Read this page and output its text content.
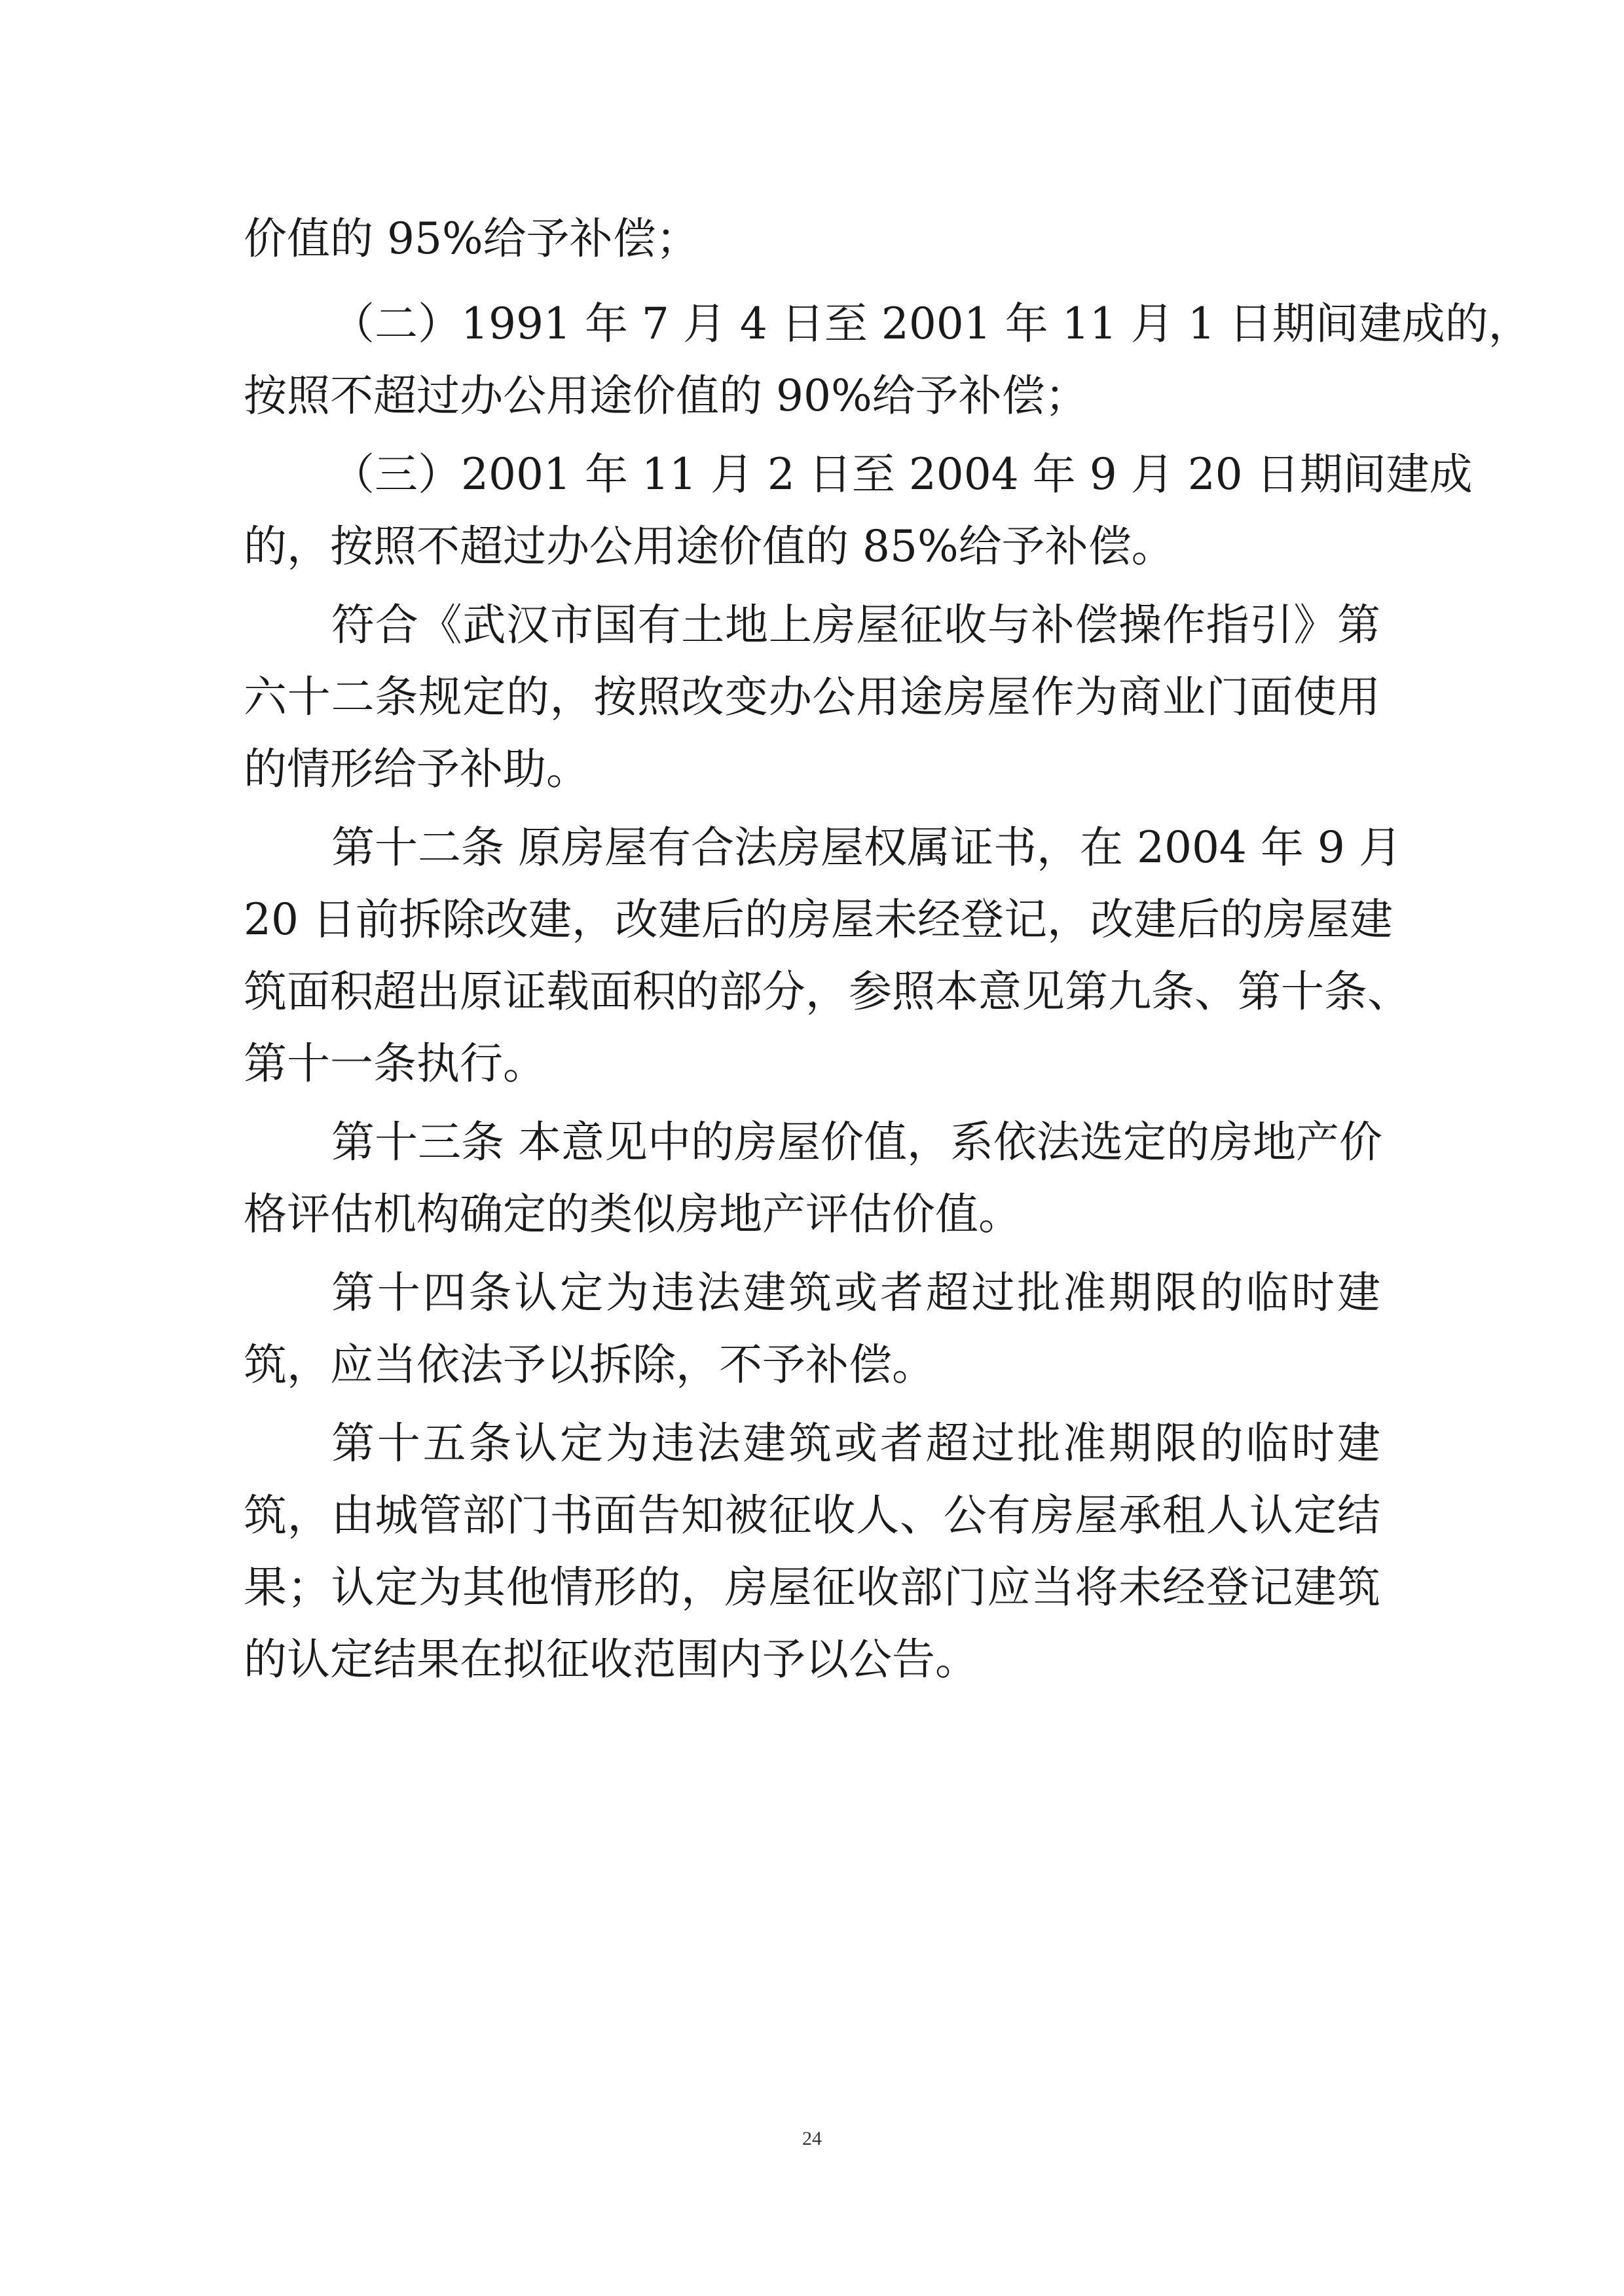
价值的 95%给予补偿；
（二）1991 年 7 月 4 日至 2001 年 11 月 1 日期间建成的，
按照不超过办公用途价值的 90%给予补偿；
（三）2001 年 11 月 2 日至 2004 年 9 月 20 日期间建成
的，按照不超过办公用途价值的 85%给予补偿。
符合《武汉市国有土地上房屋征收与补偿操作指引》第
六十二条规定的，按照改变办公用途房屋作为商业门面使用
的情形给予补助。
第十二条 原房屋有合法房屋权属证书，在 2004 年 9 月
20 日前拆除改建，改建后的房屋未经登记，改建后的房屋建
筑面积超出原证载面积的部分，参照本意见第九条、第十条、
第十一条执行。
第十三条 本意见中的房屋价值，系依法选定的房地产价
格评估机构确定的类似房地产评估价值。
第十四条认定为违法建筑或者超过批准期限的临时建
筑，应当依法予以拆除，不予补偿。
第十五条认定为违法建筑或者超过批准期限的临时建
筑，由城管部门书面告知被征收人、公有房屋承租人认定结
果；认定为其他情形的，房屋征收部门应当将未经登记建筑
的认定结果在拟征收范围内予以公告。
24
